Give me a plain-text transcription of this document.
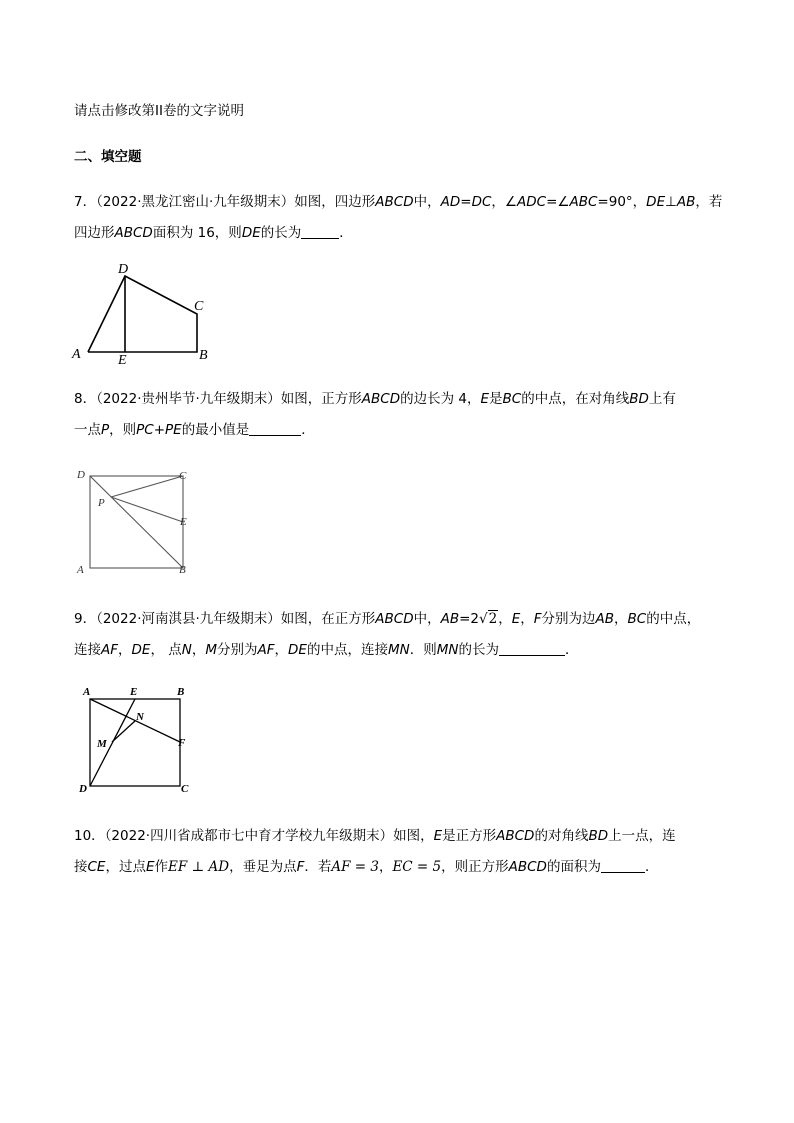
请点击修改第II卷的文字说明
二、填空题
7．（2022·黑龙江密山·九年级期末）如图，四边形ABCD中，AD=DC，∠ADC=∠ABC=90°，DE⊥AB，若
四边形ABCD面积为 16，则DE的长为	．
D
C
A	E	B
8．（2022·贵州毕节·九年级期末）如图，正方形ABCD的边长为 4，E是BC的中点，在对角线BD上有
一点P，则PC+PE的最小值是	．
D	C
P
E
A	B
9．（2022·河南淇县·九年级期末）如图，在正方形ABCD中，AB=2√2，E，F分别为边AB，BC的中点，
连接AF，DE， 点N，M分别为AF，DE的中点，连接MN．则MN的长为	．
A	E	B
N
M	F
D	C
10．（2022·四川省成都市七中育才学校九年级期末）如图，E是正方形ABCD的对角线BD上一点，连
接CE，过点E作EF ⊥ AD，垂足为点F．若AF = 3，EC = 5，则正方形ABCD的面积为	．
